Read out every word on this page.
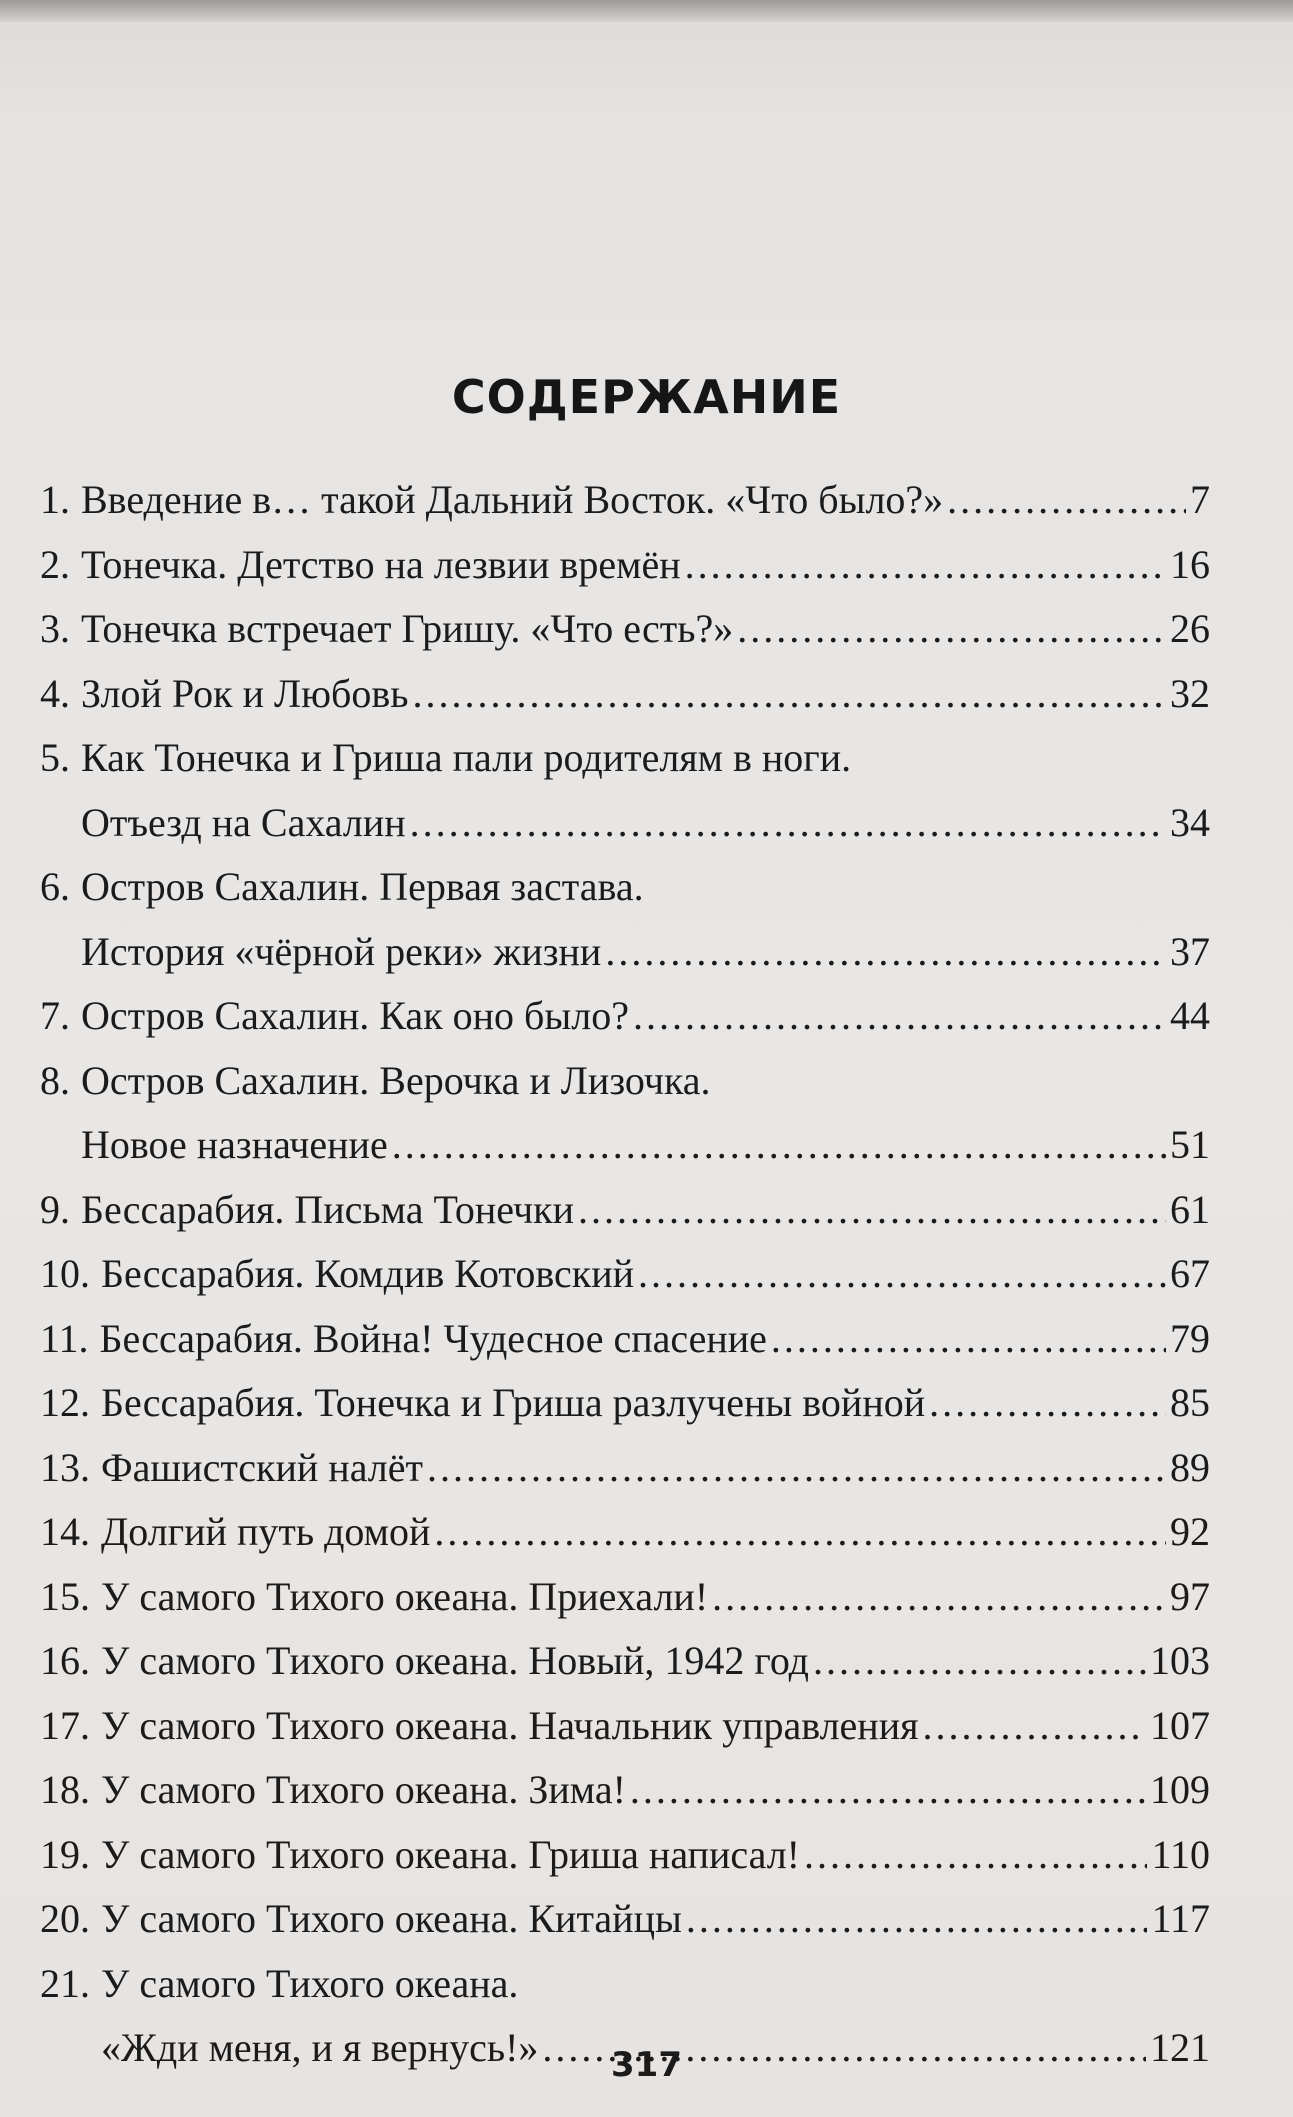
СОДЕРЖАНИЕ
1. Введение в… такой Дальний Восток. «Что было?» .....	7
2. Тонечка. Детство на лезвии времён .....	16
3. Тонечка встречает Гришу. «Что есть?» .....	26
4. Злой Рок и Любовь .....	32
5. Как Тонечка и Гриша пали родителям в ноги.
Отъезд на Сахалин .....	34
6. Остров Сахалин. Первая застава.
История «чёрной реки» жизни .....	37
7. Остров Сахалин. Как оно было? .....	44
8. Остров Сахалин. Верочка и Лизочка.
Новое назначение .....	51
9. Бессарабия. Письма Тонечки .....	61
10. Бессарабия. Комдив Котовский .....	67
11. Бессарабия. Война! Чудесное спасение .....	79
12. Бессарабия. Тонечка и Гриша разлучены войной .....	85
13. Фашистский налёт .....	89
14. Долгий путь домой .....	92
15. У самого Тихого океана. Приехали! .....	97
16. У самого Тихого океана. Новый, 1942 год .....	103
17. У самого Тихого океана. Начальник управления .....	107
18. У самого Тихого океана. Зима! .....	109
19. У самого Тихого океана. Гриша написал! .....	110
20. У самого Тихого океана. Китайцы .....	117
21. У самого Тихого океана.
«Жди меня, и я вернусь!» .....	121
317
